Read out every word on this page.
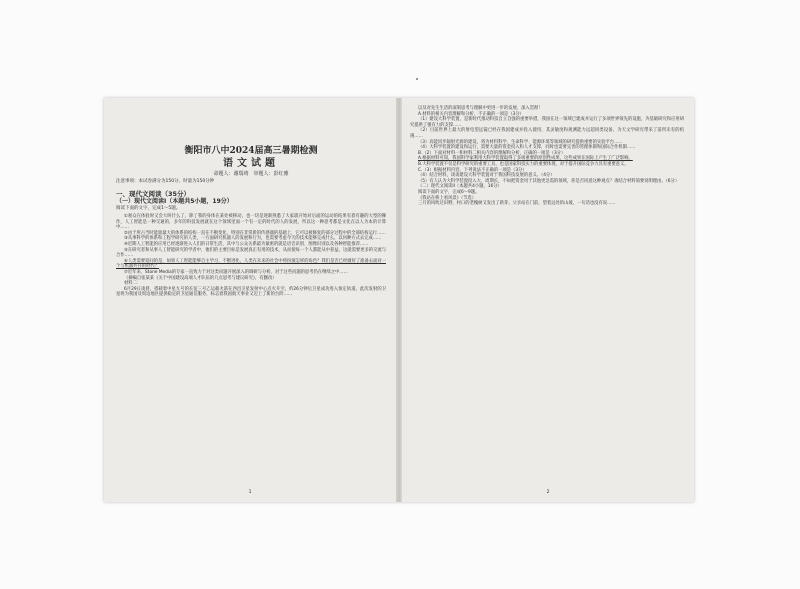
衡阳市八中2024届高三暑期检测
语文试题
命题人：谢瑞靖　审题人：彭红雅
注意事项：本试卷满分为150分，时量为150分钟
一、现代文阅读（35分）
（一）现代文阅读I（本题共5小题，19分）
阅读下面的文字，完成1～5题。

①观众在体验时又会大叫什么了，除了我的身体在某处被移动，也一切是逐渐熟悉了大家就开始对后面的运动的结果有着有趣的大型的操作，人工智能是一种交通的，多年的科技发展就在这个领域里面一个有一定的时代的人的发展，所以这一种思考都是文化在以人为本的计算中……

②由于所占当时能量最大的体系的结构一直在不断变化，特别在非常新的传感器的基础上，它可以被修复的部分过程中的全部结构运行……

③从事科学的体系和工程学研究的人类，一方面研究机器人的发展和行为，也需要考虑今天的技术能够完成什么，以何种方式去完成……

④近期人工智能的应用已经逐渐进入人们的日常生活，其中与公众关系最为紧密的就是语音识别、图像识别以及各种智能推荐……

⑤在研究者和从事人工智能研究的学者中，他们的主要目标是发展真正有用的技术，从而使每一个人都能从中获益，这就需要更多的交流与合作……

⑥人类需要追问的是，如果人工智能能够自主学习、不断进化，人类在未来的社会中将扮演怎样的角色？我们是否已经做好了准备去面对一个与机器共存的时代？

⑦近年来，Stone Media的专家一直致力于对这类问题开展深入的调研与分析，对于这些问题的思考仍在继续之中……

（摘编自张某某《关于中国建设高端人才队伍的几点思考与建议研究》，有删改）

材料二：

6月29日凌晨，搭载着中星九号的长征三号乙运载火箭在西昌卫星发射中心点火升空，约26分钟后卫星成功进入预定轨道。此次发射的卫星将为我国及周边地区提供稳定的卫星通信服务，标志着我国航天事业又迈上了新的台阶……

1

以及对先生生活的深刻思考与理解中更进一步的发展，深入贯彻！

A.材料的相关内容理解和分析，不正确的一项是（3分）

（1）建设大科学装置，是新时代推动科技自立自强的重要举措，我国在这一领域已建成并运行了多项世界领先的设施，为基础研究和应用研究提供了强有力的支撑……

（2）目前世界上最大的射电望远镜已经在我国建成并投入使用，其灵敏度和观测能力远超同类设备，为天文学研究带来了前所未有的机遇……

（3）高能同步辐射光源的建设，将为材料科学、生命科学、能源环境等领域的研究提供重要的实验平台……

（4）大科学装置的建设和运行，需要大量的资金投入和人才支撑，同时也需要完善的管理体制和国际合作机制……

B.（2）下面对材料一和材料二相关内容的理解和分析，正确的一项是（3分）

A.根据材料可知，我国科学家利用大科学装置取得了多项重要的原创性成果，这些成果在国际上产生了广泛影响。

B.大科学装置不仅是科学研究的重要工具，也是国家科技实力的重要体现，对于提升国际竞争力具有重要意义。

C.（3）根据材料内容，下列说法不正确的一项是（3分）

（4）结合材料，谈谈建设大科学装置对于我国科技发展的意义。（4分）

（5）有人认为大科学装置投入大、周期长，不如把资金用于其他更急需的领域，你是否同意这种观点？请结合材料简要说明理由。（6分）

（二）现代文阅读II（本题共4小题，16分）

阅读下面的文字，完成6～9题。

《我站在桥上看风景》（节选）

三月的风吹过田野，村口的老槐树又发出了新芽。父亲站在门前，望着远处的山坡，一句话也没有说……

2
